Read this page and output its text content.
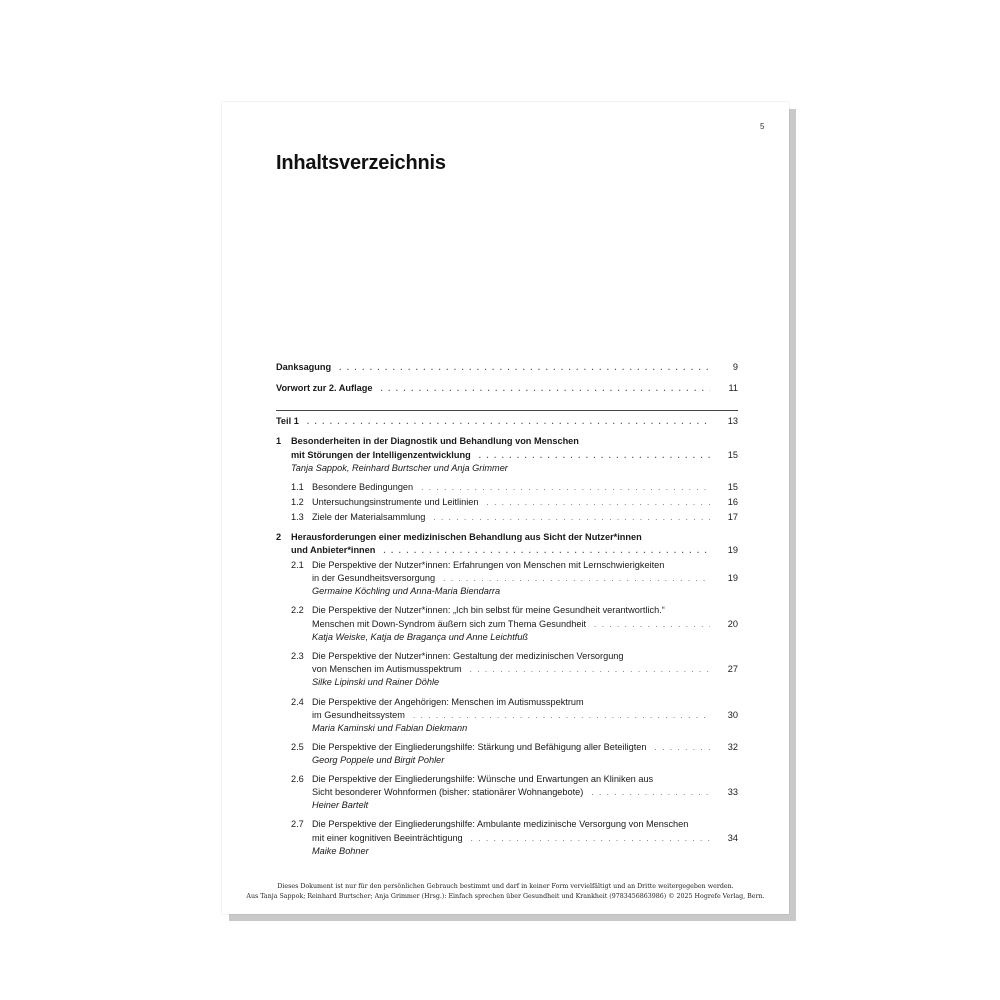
5
Inhaltsverzeichnis
Danksagung . . .	9
Vorwort zur 2. Auflage . . .	11
Teil 1 . . .	13
1 Besonderheiten in der Diagnostik und Behandlung von Menschen
mit Störungen der Intelligenzentwicklung . . .	15
Tanja Sappok, Reinhard Burtscher und Anja Grimmer
1.1 Besondere Bedingungen . . .	15
1.2 Untersuchungsinstrumente und Leitlinien . . .	16
1.3 Ziele der Materialsammlung . . .	17
2 Herausforderungen einer medizinischen Behandlung aus Sicht der Nutzer*innen
und Anbieter*innen . . .	19
2.1 Die Perspektive der Nutzer*innen: Erfahrungen von Menschen mit Lernschwierigkeiten
in der Gesundheitsversorgung . . .	19
Germaine Köchling und Anna-Maria Biendarra
2.2 Die Perspektive der Nutzer*innen: „Ich bin selbst für meine Gesundheit verantwortlich.“
Menschen mit Down-Syndrom äußern sich zum Thema Gesundheit . . .	20
Katja Weiske, Katja de Bragança und Anne Leichtfuß
2.3 Die Perspektive der Nutzer*innen: Gestaltung der medizinischen Versorgung
von Menschen im Autismusspektrum . . .	27
Silke Lipinski und Rainer Döhle
2.4 Die Perspektive der Angehörigen: Menschen im Autismusspektrum
im Gesundheitssystem . . .	30
Maria Kaminski und Fabian Diekmann
2.5 Die Perspektive der Eingliederungshilfe: Stärkung und Befähigung aller Beteiligten . . .	32
Georg Poppele und Birgit Pohler
2.6 Die Perspektive der Eingliederungshilfe: Wünsche und Erwartungen an Kliniken aus
Sicht besonderer Wohnformen (bisher: stationärer Wohnangebote) . . .	33
Heiner Bartelt
2.7 Die Perspektive der Eingliederungshilfe: Ambulante medizinische Versorgung von Menschen
mit einer kognitiven Beeinträchtigung . . .	34
Maike Bohner
Dieses Dokument ist nur für den persönlichen Gebrauch bestimmt und darf in keiner Form vervielfältigt und an Dritte weitergegeben werden.
Aus Tanja Sappok; Reinhard Burtscher; Anja Grimmer (Hrsg.): Einfach sprechen über Gesundheit und Krankheit (9783456863986) © 2025 Hogrefe Verlag, Bern.
